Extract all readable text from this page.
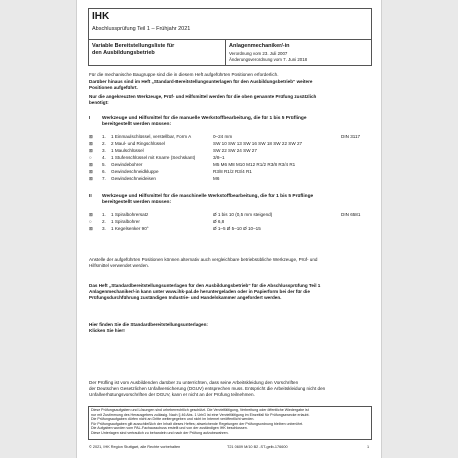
IHK
Abschlussprüfung Teil 1 – Frühjahr 2021
Variable Bereitstellungsliste für
den Ausbildungsbetrieb
Anlagenmechaniker/-in
Verordnung vom 23. Juli 2007
Änderungsverordnung vom 7. Juni 2018
Für die mechanische Baugruppe sind die in diesem Heft aufgeführten Positionen erforderlich.
Darüber hinaus sind im Heft „Standard-Bereitstellungsunterlagen für den Ausbildungsbetrieb“ weitere
Positionen aufgeführt.
Nur die angekreuzten Werkzeuge, Prüf- und Hilfsmittel werden für die oben genannte Prüfung zusätzlich
benötigt:
I Werkzeuge und Hilfsmittel für die manuelle Werkstoffbearbeitung, die für 1 bis 5 Prüflinge
bereitgestellt werden müssen:
⊠ 1. 1 Einmaulschlüssel, verstellbar, Form A	0–24 mm	DIN 3117
⊠ 2. 2 Maul- und Ringschlüssel	SW 10 SW 13 SW 16 SW 18 SW 22 SW 27
⊠ 3. 1 Maulschlüssel	SW 22 SW 24 SW 27
○ 4. 1 Stufenschlüssel mit Knarre (Sechskant)	3/8–1
⊠ 5. Gewindebohrer	M5 M6 M8 M10 M12 R1/2 R3/8 R3/4 R1
⊠ 6. Gewindeschneidkluppe	R3/8 R1/2 R3/4 R1
⊠ 7. Gewindeschneideisen	M6
II Werkzeuge und Hilfsmittel für die maschinelle Werkstoffbearbeitung, die für 1 bis 5 Prüflinge
bereitgestellt werden müssen:
⊠ 1. 1 Spiralbohrersatz	Ø 1 bis 10 (0,5 mm steigend)	DIN 6581
○ 2. 1 Spiralbohrer	Ø 6,8
⊠ 3. 1 Kegelsenker 90°	Ø 1–5 Ø 5–10 Ø 10–15
Anstelle der aufgeführten Positionen können alternativ auch vergleichbare betriebsübliche Werkzeuge, Prüf- und
Hilfsmittel verwendet werden.
Das Heft „Standardbereitstellungsunterlagen für den Ausbildungsbetrieb“ für die Abschlussprüfung Teil 1
Anlagenmechaniker/-in kann unter www.ihk-pal.de heruntergeladen oder in Papierform bei der für die
Prüfungsdurchführung zuständigen Industrie- und Handelskammer angefordert werden.
Hier finden Sie die Standardbereitstellungsunterlagen:
Klicken Sie hier!
Der Prüfling ist vom Ausbildenden darüber zu unterrichten, dass seine Arbeitskleidung den Vorschriften
der Deutschen Gesetzlichen Unfallversicherung (DGUV) entsprechen muss. Entspricht die Arbeitskleidung nicht den
Unfallverhütungsvorschriften der DGUV, kann er nicht an der Prüfung teilnehmen.
Diese Prüfungsaufgaben und Lösungen sind urheberrechtlich geschützt. Die Vervielfältigung, Verbreitung oder öffentliche Wiedergabe ist
nur mit Zustimmung des Herausgebers zulässig. Nach § 46 Abs. 1 UrhG ist eine Vervielfältigung im Einzelfall für Prüfungszwecke erlaubt.
Die Prüfungsaufgaben dürfen nicht an Dritte weitergegeben und nicht im Internet veröffentlicht werden.
Für Prüfungsaufgaben gilt ausschließlich der Inhalt dieses Heftes; abweichende Regelungen der Prüfungsordnung bleiben unberührt.
Die Aufgaben wurden vom PAL-Fachausschuss erstellt und von der zuständigen IHK beschlossen.
Diese Unterlagen sind vertraulich zu behandeln und nach der Prüfung aufzubewahren.
© 2021, IHK Region Stuttgart, alle Rechte vorbehalten	T21 0609 M/10 B2 -ST-gelb-176600	1
